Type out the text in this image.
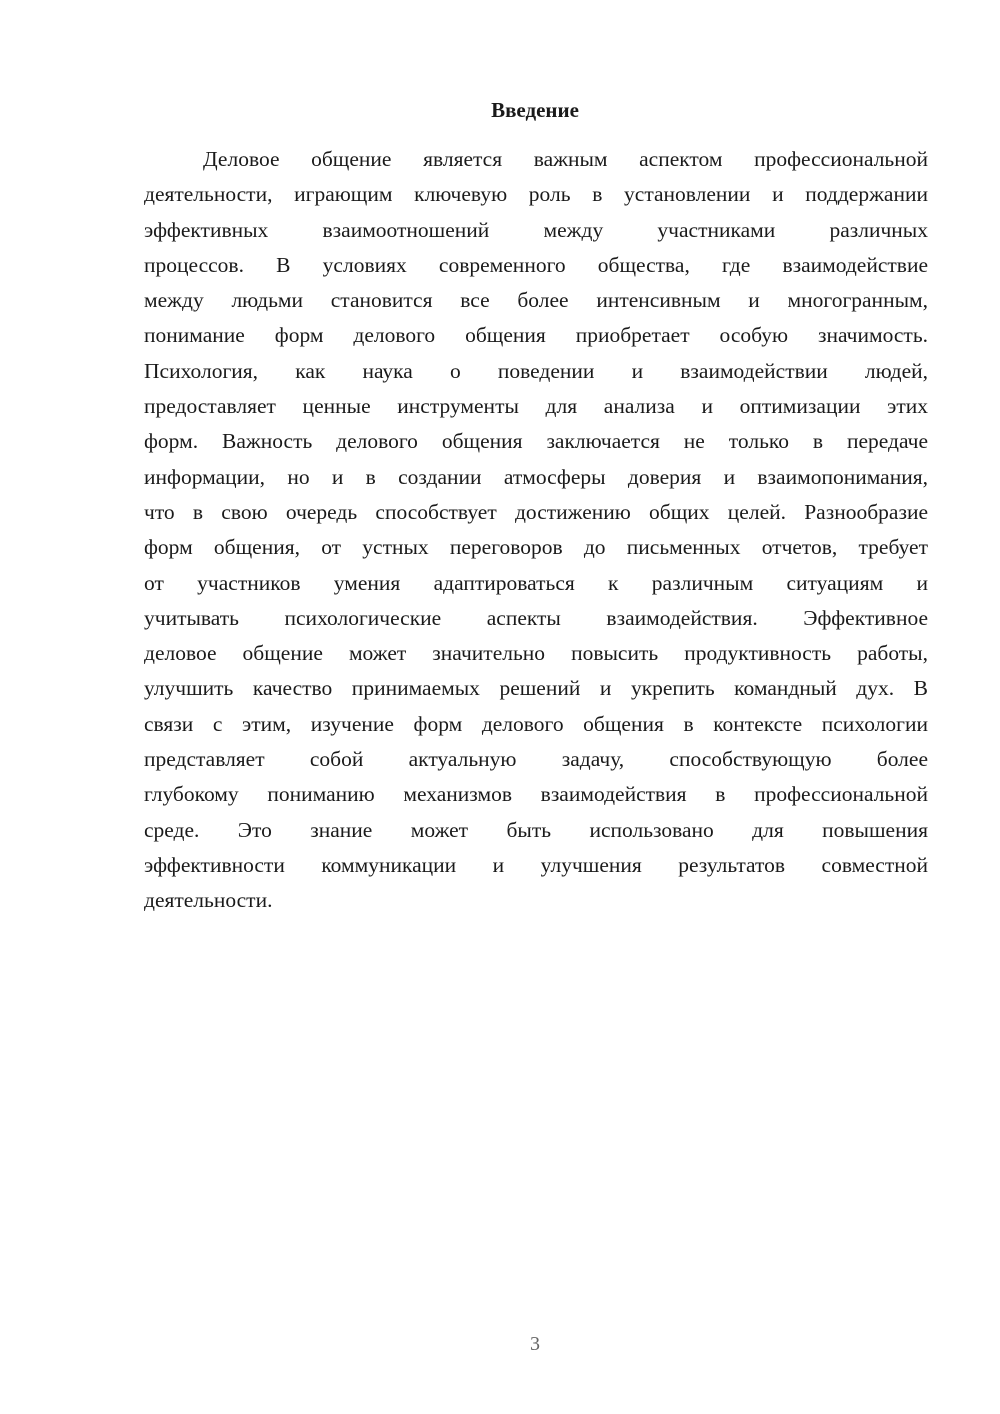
Введение
Деловое общение является важным аспектом профессиональной
деятельности, играющим ключевую роль в установлении и поддержании
эффективных взаимоотношений между участниками различных
процессов. В условиях современного общества, где взаимодействие
между людьми становится все более интенсивным и многогранным,
понимание форм делового общения приобретает особую значимость.
Психология, как наука о поведении и взаимодействии людей,
предоставляет ценные инструменты для анализа и оптимизации этих
форм. Важность делового общения заключается не только в передаче
информации, но и в создании атмосферы доверия и взаимопонимания,
что в свою очередь способствует достижению общих целей. Разнообразие
форм общения, от устных переговоров до письменных отчетов, требует
от участников умения адаптироваться к различным ситуациям и
учитывать психологические аспекты взаимодействия. Эффективное
деловое общение может значительно повысить продуктивность работы,
улучшить качество принимаемых решений и укрепить командный дух. В
связи с этим, изучение форм делового общения в контексте психологии
представляет собой актуальную задачу, способствующую более
глубокому пониманию механизмов взаимодействия в профессиональной
среде. Это знание может быть использовано для повышения
эффективности коммуникации и улучшения результатов совместной
деятельности.
3
